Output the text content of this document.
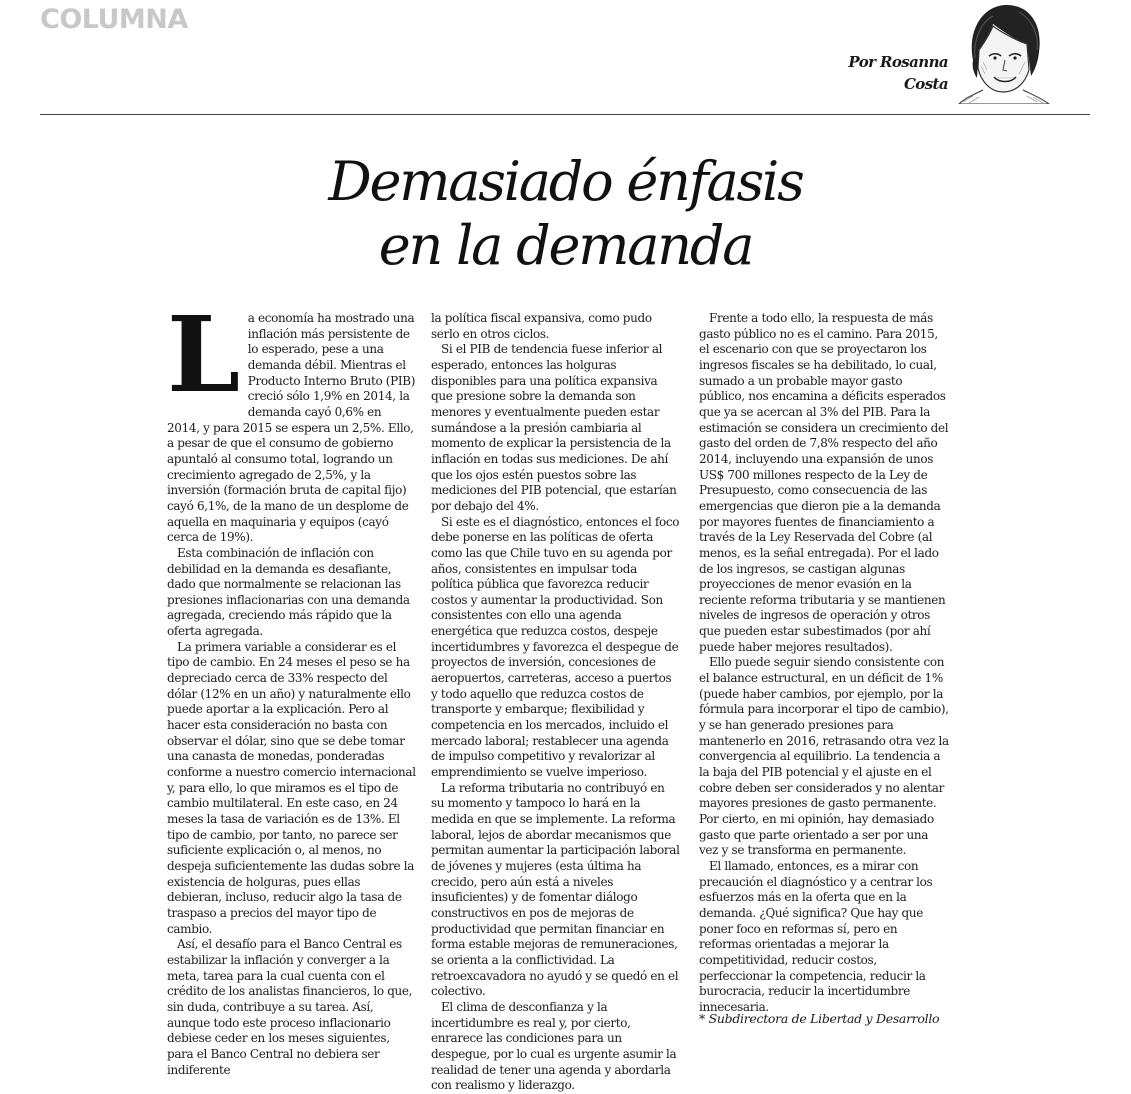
COLUMNA
Por Rosanna
Costa
Demasiado énfasis
en la demanda

La economía ha mostrado una inflación más persistente de lo esperado, pese a una demanda débil. Mientras el Producto Interno Bruto (PIB) creció sólo 1,9% en 2014, la demanda cayó 0,6% en 2014, y para 2015 se espera un 2,5%. Ello, a pesar de que el consumo de gobierno apuntaló al consumo total, logrando un crecimiento agregado de 2,5%, y la inversión (formación bruta de capital fijo) cayó 6,1%, de la mano de un desplome de aquella en maquinaria y equipos (cayó cerca de 19%).

Esta combinación de inflación con debilidad en la demanda es desafiante, dado que normalmente se relacionan las presiones inflacionarias con una demanda agregada, creciendo más rápido que la oferta agregada.

La primera variable a considerar es el tipo de cambio. En 24 meses el peso se ha depreciado cerca de 33% respecto del dólar (12% en un año) y naturalmente ello puede aportar a la explicación. Pero al hacer esta consideración no basta con observar el dólar, sino que se debe tomar una canasta de monedas, ponderadas conforme a nuestro comercio internacional y, para ello, lo que miramos es el tipo de cambio multilateral. En este caso, en 24 meses la tasa de variación es de 13%. El tipo de cambio, por tanto, no parece ser suficiente explicación o, al menos, no despeja suficientemente las dudas sobre la existencia de holguras, pues ellas debieran, incluso, reducir algo la tasa de traspaso a precios del mayor tipo de cambio.

Así, el desafío para el Banco Central es estabilizar la inflación y converger a la meta, tarea para la cual cuenta con el crédito de los analistas financieros, lo que, sin duda, contribuye a su tarea. Así, aunque todo este proceso inflacionario debiese ceder en los meses siguientes, para el Banco Central no debiera ser indiferente

la política fiscal expansiva, como pudo serlo en otros ciclos.

Si el PIB de tendencia fuese inferior al esperado, entonces las holguras disponibles para una política expansiva que presione sobre la demanda son menores y eventualmente pueden estar sumándose a la presión cambiaria al momento de explicar la persistencia de la inflación en todas sus mediciones. De ahí que los ojos estén puestos sobre las mediciones del PIB potencial, que estarían por debajo del 4%.

Si este es el diagnóstico, entonces el foco debe ponerse en las políticas de oferta como las que Chile tuvo en su agenda por años, consistentes en impulsar toda política pública que favorezca reducir costos y aumentar la productividad. Son consistentes con ello una agenda energética que reduzca costos, despeje incertidumbres y favorezca el despegue de proyectos de inversión, concesiones de aeropuertos, carreteras, acceso a puertos y todo aquello que reduzca costos de transporte y embarque; flexibilidad y competencia en los mercados, incluido el mercado laboral; restablecer una agenda de impulso competitivo y revalorizar al emprendimiento se vuelve imperioso.

La reforma tributaria no contribuyó en su momento y tampoco lo hará en la medida en que se implemente. La reforma laboral, lejos de abordar mecanismos que permitan aumentar la participación laboral de jóvenes y mujeres (esta última ha crecido, pero aún está a niveles insuficientes) y de fomentar diálogo constructivos en pos de mejoras de productividad que permitan financiar en forma estable mejoras de remuneraciones, se orienta a la conflictividad. La retroexcavadora no ayudó y se quedó en el colectivo.

El clima de desconfianza y la incertidumbre es real y, por cierto, enrarece las condiciones para un despegue, por lo cual es urgente asumir la realidad de tener una agenda y abordarla con realismo y liderazgo.

Frente a todo ello, la respuesta de más gasto público no es el camino. Para 2015, el escenario con que se proyectaron los ingresos fiscales se ha debilitado, lo cual, sumado a un probable mayor gasto público, nos encamina a déficits esperados que ya se acercan al 3% del PIB. Para la estimación se considera un crecimiento del gasto del orden de 7,8% respecto del año 2014, incluyendo una expansión de unos US$ 700 millones respecto de la Ley de Presupuesto, como consecuencia de las emergencias que dieron pie a la demanda por mayores fuentes de financiamiento a través de la Ley Reservada del Cobre (al menos, es la señal entregada). Por el lado de los ingresos, se castigan algunas proyecciones de menor evasión en la reciente reforma tributaria y se mantienen niveles de ingresos de operación y otros que pueden estar subestimados (por ahí puede haber mejores resultados).

Ello puede seguir siendo consistente con el balance estructural, en un déficit de 1% (puede haber cambios, por ejemplo, por la fórmula para incorporar el tipo de cambio), y se han generado presiones para mantenerlo en 2016, retrasando otra vez la convergencia al equilibrio. La tendencia a la baja del PIB potencial y el ajuste en el cobre deben ser considerados y no alentar mayores presiones de gasto permanente. Por cierto, en mi opinión, hay demasiado gasto que parte orientado a ser por una vez y se transforma en permanente.

El llamado, entonces, es a mirar con precaución el diagnóstico y a centrar los esfuerzos más en la oferta que en la demanda. ¿Qué significa? Que hay que poner foco en reformas sí, pero en reformas orientadas a mejorar la competitividad, reducir costos, perfeccionar la competencia, reducir la burocracia, reducir la incertidumbre innecesaria.

* Subdirectora de Libertad y Desarrollo
